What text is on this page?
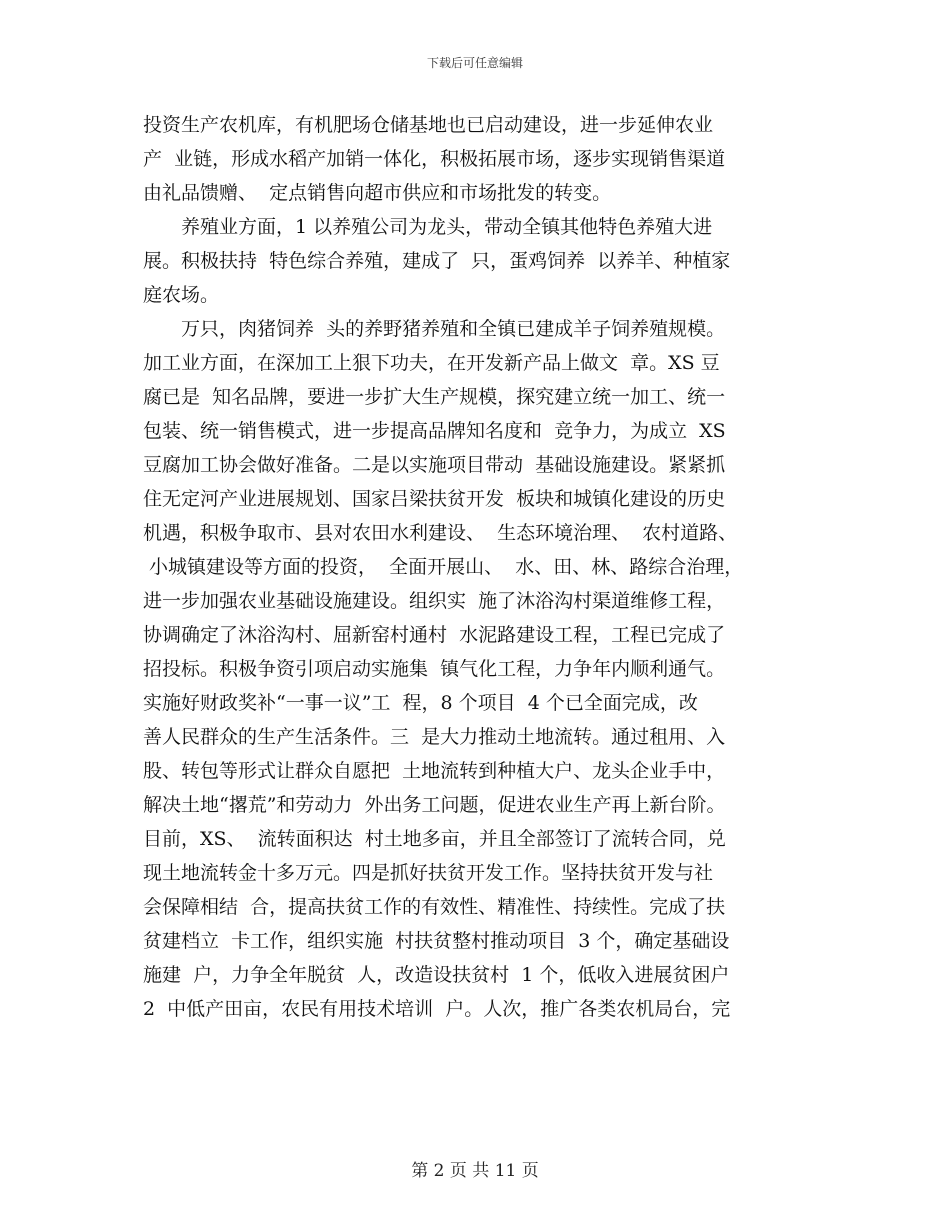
下载后可任意编辑
投资生产农机库，有机肥场仓储基地也已启动建设，进一步延伸农业
产  业链，形成水稻产加销一体化，积极拓展市场，逐步实现销售渠道
由礼品馈赠、  定点销售向超市供应和市场批发的转变。
　　养殖业方面，1 以养殖公司为龙头，带动全镇其他特色养殖大进
展。积极扶持  特色综合养殖，建成了  只，蛋鸡饲养  以养羊、种植家
庭农场。
　　万只，肉猪饲养  头的养野猪养殖和全镇已建成羊子饲养殖规模。
加工业方面，在深加工上狠下功夫，在开发新产品上做文  章。XS 豆
腐已是  知名品牌，要进一步扩大生产规模，探究建立统一加工、统一
包装、统一销售模式，进一步提高品牌知名度和  竞争力，为成立  XS
豆腐加工协会做好准备。二是以实施项目带动  基础设施建设。紧紧抓
住无定河产业进展规划、国家吕梁扶贫开发  板块和城镇化建设的历史
机遇，积极争取市、县对农田水利建设、  生态环境治理、  农村道路、
小城镇建设等方面的投资，  全面开展山、  水、田、林、路综合治理，
进一步加强农业基础设施建设。组织实  施了沐浴沟村渠道维修工程，
协调确定了沐浴沟村、屈新窑村通村  水泥路建设工程，工程已完成了
招投标。积极争资引项启动实施集  镇气化工程，力争年内顺利通气。
实施好财政奖补“一事一议”工  程，8 个项目  4 个已全面完成，改
善人民群众的生产生活条件。三  是大力推动土地流转。通过租用、入
股、转包等形式让群众自愿把  土地流转到种植大户、龙头企业手中，
解决土地“撂荒”和劳动力  外出务工问题，促进农业生产再上新台阶。
目前，XS、  流转面积达  村土地多亩，并且全部签订了流转合同，兑
现土地流转金十多万元。四是抓好扶贫开发工作。坚持扶贫开发与社
会保障相结  合，提高扶贫工作的有效性、精准性、持续性。完成了扶
贫建档立  卡工作，组织实施  村扶贫整村推动项目  3 个，确定基础设
施建  户，力争全年脱贫  人，改造设扶贫村  1 个，低收入进展贫困户
2  中低产田亩，农民有用技术培训  户。人次，推广各类农机局台，完
第 2 页 共 11 页
